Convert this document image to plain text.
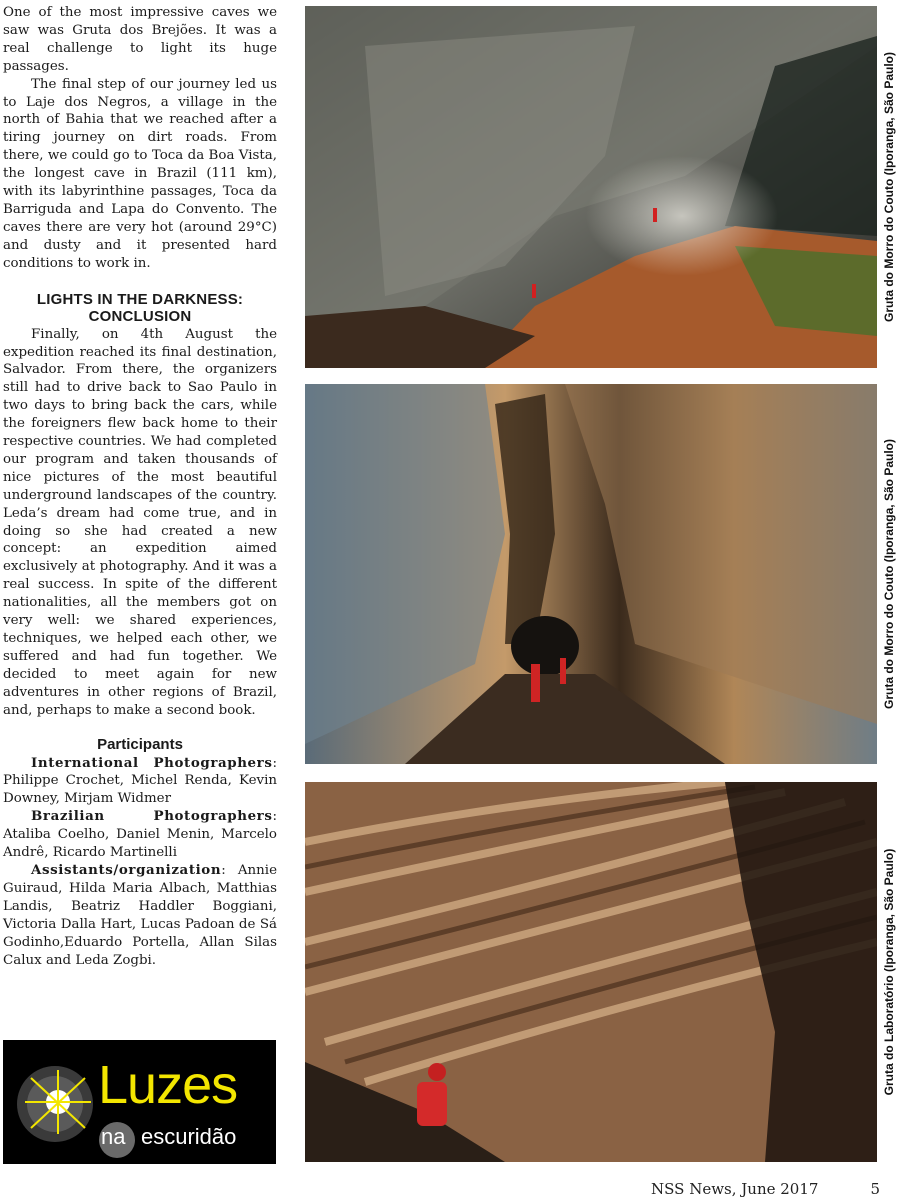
One of the most impressive caves we saw was Gruta dos Brejões. It was a real challenge to light its huge passages.

The final step of our journey led us to Laje dos Negros, a village in the north of Bahia that we reached after a tiring journey on dirt roads. From there, we could go to Toca da Boa Vista, the longest cave in Brazil (111 km), with its labyrinthine passages, Toca da Barriguda and Lapa do Convento. The caves there are very hot (around 29°C) and dusty and it presented hard conditions to work in.

LIGHTS IN THE DARKNESS: CONCLUSION

Finally, on 4th August the expedition reached its final destination, Salvador. From there, the organizers still had to drive back to Sao Paulo in two days to bring back the cars, while the foreigners flew back home to their respective countries. We had completed our program and taken thousands of nice pictures of the most beautiful underground landscapes of the country. Leda’s dream had come true, and in doing so she had created a new concept: an expedition aimed exclusively at photography. And it was a real success. In spite of the different nationalities, all the members got on very well: we shared experiences, techniques, we helped each other, we suffered and had fun together. We decided to meet again for new adventures in other regions of Brazil, and, perhaps to make a second book.

Participants

International Photographers: Philippe Crochet, Michel Renda, Kevin Downey, Mirjam Widmer

Brazilian Photographers: Ataliba Coelho, Daniel Menin, Marcelo Andrê, Ricardo Martinelli

Assistants/organization: Annie Guiraud, Hilda Maria Albach, Matthias Landis, Beatriz Haddler Boggiani, Victoria Dalla Hart, Lucas Padoan de Sá Godinho,Eduardo Portella, Allan Silas Calux and Leda Zogbi.

Gruta do Morro do Couto (Iporanga, São Paulo)
Gruta do Morro do Couto (Iporanga, São Paulo)
Gruta do Laboratório (Iporanga, São Paulo)
Luzes
na escuridão
NSS News, June 2017	5
